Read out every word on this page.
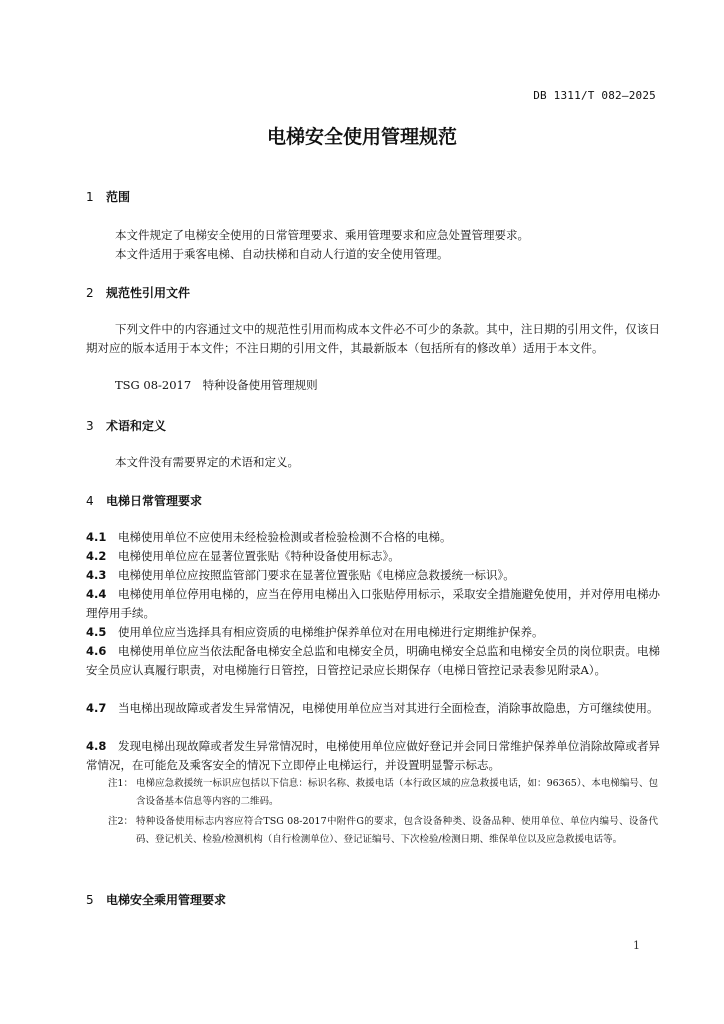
DB 1311/T 082—2025
电梯安全使用管理规范
1 范围
本文件规定了电梯安全使用的日常管理要求、乘用管理要求和应急处置管理要求。
本文件适用于乘客电梯、自动扶梯和自动人行道的安全使用管理。
2 规范性引用文件
下列文件中的内容通过文中的规范性引用而构成本文件必不可少的条款。其中，注日期的引用文件，仅该日期对应的版本适用于本文件；不注日期的引用文件，其最新版本（包括所有的修改单）适用于本文件。
TSG 08-2017　特种设备使用管理规则
3 术语和定义
本文件没有需要界定的术语和定义。
4 电梯日常管理要求
4.1 电梯使用单位不应使用未经检验检测或者检验检测不合格的电梯。
4.2 电梯使用单位应在显著位置张贴《特种设备使用标志》。
4.3 电梯使用单位应按照监管部门要求在显著位置张贴《电梯应急救援统一标识》。
4.4 电梯使用单位停用电梯的，应当在停用电梯出入口张贴停用标示，采取安全措施避免使用，并对停用电梯办理停用手续。
4.5 使用单位应当选择具有相应资质的电梯维护保养单位对在用电梯进行定期维护保养。
4.6 电梯使用单位应当依法配备电梯安全总监和电梯安全员，明确电梯安全总监和电梯安全员的岗位职责。电梯安全员应认真履行职责，对电梯施行日管控，日管控记录应长期保存（电梯日管控记录表参见附录A）。
4.7 当电梯出现故障或者发生异常情况，电梯使用单位应当对其进行全面检查，消除事故隐患，方可继续使用。
4.8 发现电梯出现故障或者发生异常情况时，电梯使用单位应做好登记并会同日常维护保养单位消除故障或者异常情况，在可能危及乘客安全的情况下立即停止电梯运行，并设置明显警示标志。
注1： 电梯应急救援统一标识应包括以下信息：标识名称、救援电话（本行政区域的应急救援电话，如：96365）、本电梯编号、包含设备基本信息等内容的二维码。
注2： 特种设备使用标志内容应符合TSG 08-2017中附件G的要求，包含设备种类、设备品种、使用单位、单位内编号、设备代码、登记机关、检验/检测机构（自行检测单位）、登记证编号、下次检验/检测日期、维保单位以及应急救援电话等。
5 电梯安全乘用管理要求
1
